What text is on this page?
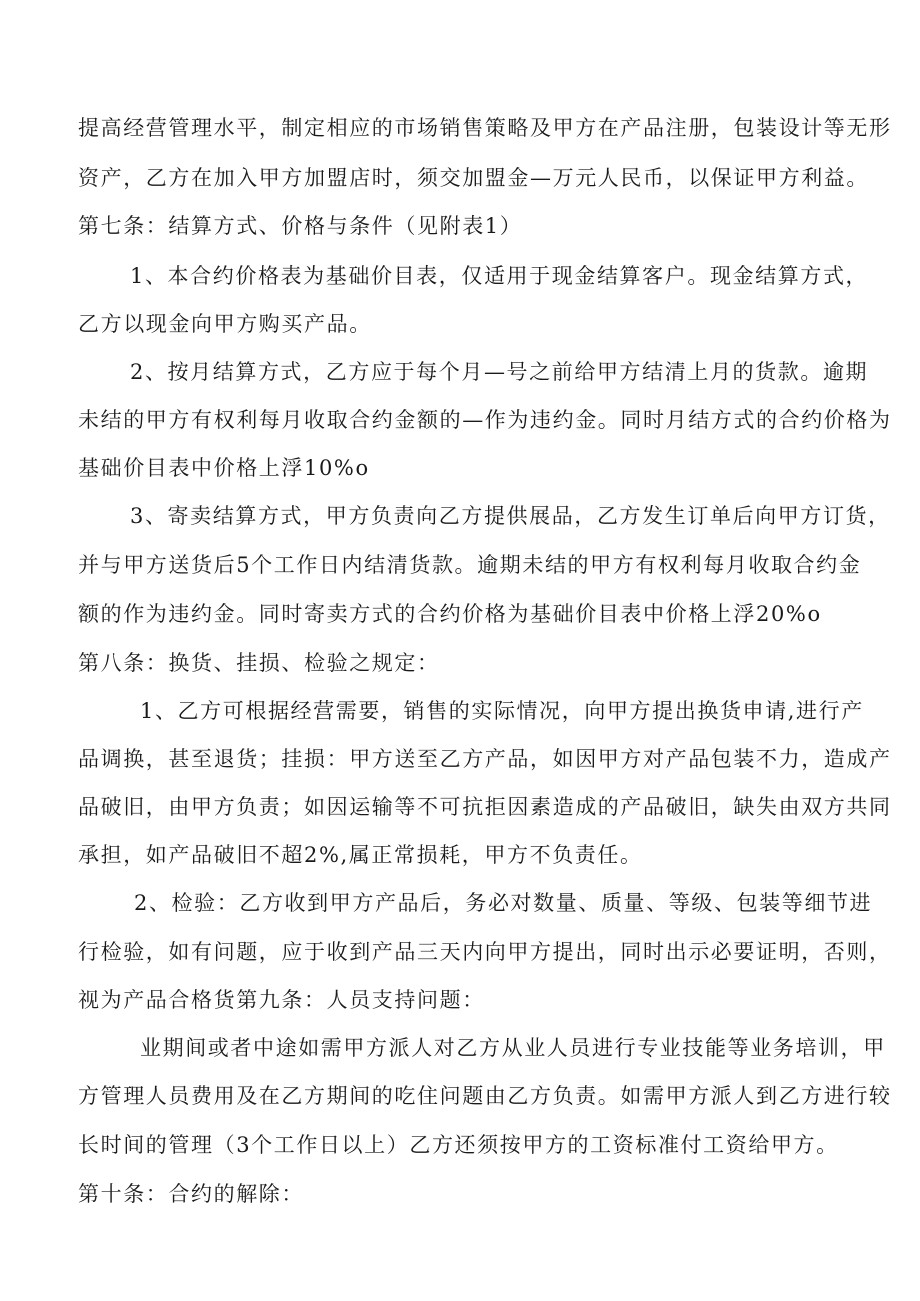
提高经营管理水平，制定相应的市场销售策略及甲方在产品注册，包装设计等无形
资产，乙方在加入甲方加盟店时，须交加盟金—万元人民币，以保证甲方利益。
第七条：结算方式、价格与条件（见附表1）
1、本合约价格表为基础价目表，仅适用于现金结算客户。现金结算方式，
乙方以现金向甲方购买产品。
2、按月结算方式，乙方应于每个月—号之前给甲方结清上月的货款。逾期
未结的甲方有权利每月收取合约金额的—作为违约金。同时月结方式的合约价格为
基础价目表中价格上浮10%o
3、寄卖结算方式，甲方负责向乙方提供展品，乙方发生订单后向甲方订货，
并与甲方送货后5个工作日内结清货款。逾期未结的甲方有权利每月收取合约金
额的作为违约金。同时寄卖方式的合约价格为基础价目表中价格上浮20%o
第八条：换货、挂损、检验之规定：
1、乙方可根据经营需要，销售的实际情况，向甲方提出换货申请,进行产
品调换，甚至退货；挂损：甲方送至乙方产品，如因甲方对产品包装不力，造成产
品破旧，由甲方负责；如因运输等不可抗拒因素造成的产品破旧，缺失由双方共同
承担，如产品破旧不超2%,属正常损耗，甲方不负责任。
2、检验：乙方收到甲方产品后，务必对数量、质量、等级、包装等细节进
行检验，如有问题，应于收到产品三天内向甲方提出，同时出示必要证明，否则，
视为产品合格货第九条：人员支持问题：
业期间或者中途如需甲方派人对乙方从业人员进行专业技能等业务培训，甲
方管理人员费用及在乙方期间的吃住问题由乙方负责。如需甲方派人到乙方进行较
长时间的管理（3个工作日以上）乙方还须按甲方的工资标准付工资给甲方。
第十条：合约的解除：
